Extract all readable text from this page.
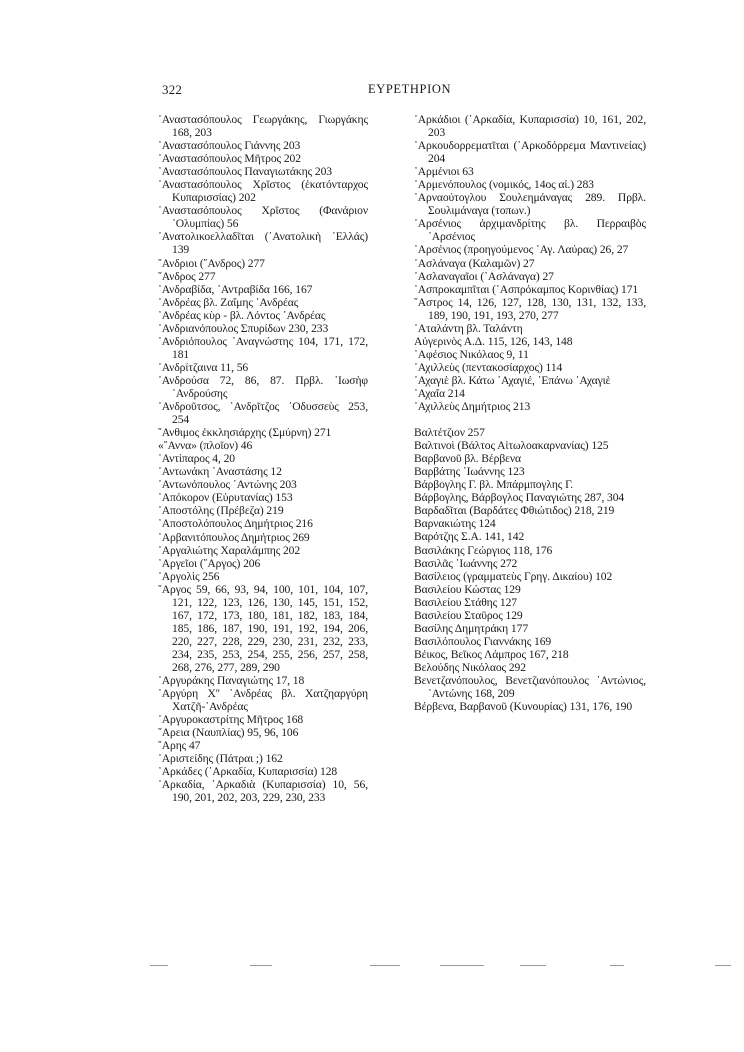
322	ΕΥΡΕΤΗΡΙΟΝ

᾿Αναστασόπουλος Γεωργάκης, Γιωργάκης 168, 203

᾿Αναστασόπουλος Γιάννης 203

᾿Αναστασόπουλος Μῆτρος 202

᾿Αναστασόπουλος Παναγιωτάκης 203

᾿Αναστασόπουλος Χρῖστος (ἑκατόνταρχος Κυπαρισσίας) 202

᾿Αναστασόπουλος Χρῖστος (Φανάριον ᾿Ολυμπίας) 56

᾿Ανατολικοελλαδῖται (᾿Ανατολικὴ ῾Ελλάς) 139

῎Ανδριοι (῎Ανδρος) 277

῎Ανδρος 277

᾿Ανδραβίδα, ᾿Αντραβίδα 166, 167

᾿Ανδρέας βλ. Ζαΐμης ᾿Ανδρέας

᾿Ανδρέας κὺρ - βλ. Λόντος ᾿Ανδρέας

᾿Ανδριανόπουλος Σπυρίδων 230, 233

᾿Ανδριόπουλος ᾿Αναγνώστης 104, 171, 172, 181

᾿Ανδρίτζαινα 11, 56

᾿Ανδρούσα 72, 86, 87. Πρβλ. ᾿Ιωσὴφ ᾿Ανδρούσης

᾿Ανδροῦτσος, ᾿Ανδρῖτζος ᾿Οδυσσεὺς 253, 254

῎Ανθιμος ἐκκλησιάρχης (Σμύρνη) 271

«῎Αννα» (πλοῖον) 46

᾿Αντίπαρος 4, 20

᾿Αντωνάκη ᾿Αναστάσης 12

᾿Αντωνόπουλος ᾿Αντώνης 203

᾿Απόκορον (Εὐρυτανίας) 153

᾿Αποστόλης (Πρέβεζα) 219

᾿Αποστολόπουλος Δημήτριος 216

᾿Αρβανιτόπουλος Δημήτριος 269

᾿Αργαλιώτης Χαραλάμπης 202

᾿Αργεῖοι (῎Αργος) 206

᾿Αργολὶς 256

῎Αργος 59, 66, 93, 94, 100, 101, 104, 107, 121, 122, 123, 126, 130, 145, 151, 152, 167, 172, 173, 180, 181, 182, 183, 184, 185, 186, 187, 190, 191, 192, 194, 206, 220, 227, 228, 229, 230, 231, 232, 233, 234, 235, 253, 254, 255, 256, 257, 258, 268, 276, 277, 289, 290

᾿Αργυράκης Παναγιώτης 17, 18

᾿Αργύρη Χ'' ᾿Ανδρέας βλ. Χατζηαργύρη Χατζῆ-᾿Ανδρέας

᾿Αργυροκαστρίτης Μῆτρος 168

῎Αρεια (Ναυπλίας) 95, 96, 106

῎Αρης 47

᾿Αριστείδης (Πάτραι ;) 162

᾿Αρκάδες (᾿Αρκαδία, Κυπαρισσία) 128

᾿Αρκαδία, ᾿Αρκαδιὰ (Κυπαρισσία) 10, 56, 190, 201, 202, 203, 229, 230, 233

᾿Αρκάδιοι (᾿Αρκαδία, Κυπαρισσία) 10, 161, 202, 203

᾿Αρκουδορρεματῖται (᾿Αρκοδόρρεμα Μαντινείας) 204

᾿Αρμένιοι 63

᾿Αρμενόπουλος (νομικός, 14ος αἰ.) 283

᾿Αρναούτογλου Σουλεημάναγας 289. Πρβλ. Σουλιμάναγα (τοπων.)

᾿Αρσένιος ἀρχιμανδρίτης βλ. Περραιβὸς ᾿Αρσένιος

᾿Αρσένιος (προηγούμενος ῾Αγ. Λαύρας) 26, 27

᾿Ασλάναγα (Καλαμῶν) 27

᾿Ασλαναγαῖοι (᾿Ασλάναγα) 27

᾿Ασπροκαμπῖται (᾿Ασπρόκαμπος Κορινθίας) 171

῎Αστρος 14, 126, 127, 128, 130, 131, 132, 133, 189, 190, 191, 193, 270, 277

᾿Αταλάντη βλ. Ταλάντη

Αὐγερινὸς Α.Δ. 115, 126, 143, 148

᾿Αφέσιος Νικόλαος 9, 11

᾿Αχιλλεὺς (πεντακοσίαρχος) 114

᾿Αχαγιὲ βλ. Κάτω ᾿Αχαγιέ, ῾Επάνω ᾿Αχαγιὲ

᾿Αχαΐα 214

᾿Αχιλλεὺς Δημήτριος 213

Βαλτέτζιον 257

Βαλτινοὶ (Βάλτος Αἰτωλοακαρνανίας) 125

Βαρβανοῦ βλ. Βέρβενα

Βαρβάτης ᾿Ιωάννης 123

Βάρβογλης Γ. βλ. Μπάρμπογλης Γ.

Βάρβογλης, Βάρβογλος Παναγιώτης 287, 304

Βαρδαδῖται (Βαρδάτες Φθιώτιδος) 218, 219

Βαρνακιώτης 124

Βαρότζης Σ.Α. 141, 142

Βασιλάκης Γεώργιος 118, 176

Βασιλᾶς ᾿Ιωάννης 272

Βασίλειος (γραμματεὺς Γρηγ. Δικαίου) 102

Βασιλείου Κώστας 129

Βασιλείου Στάθης 127

Βασιλείου Σταῦρος 129

Βασίλης Δημητράκη 177

Βασιλόπουλος Γιαννάκης 169

Βέικος, Βεῖκος Λάμπρος 167, 218

Βελούδης Νικόλαος 292

Βενετζανόπουλος, Βενετζιανόπουλος ᾿Αντώνιος, ᾿Αντώνης 168, 209

Βέρβενα, Βαρβανοῦ (Κυνουρίας) 131, 176, 190
